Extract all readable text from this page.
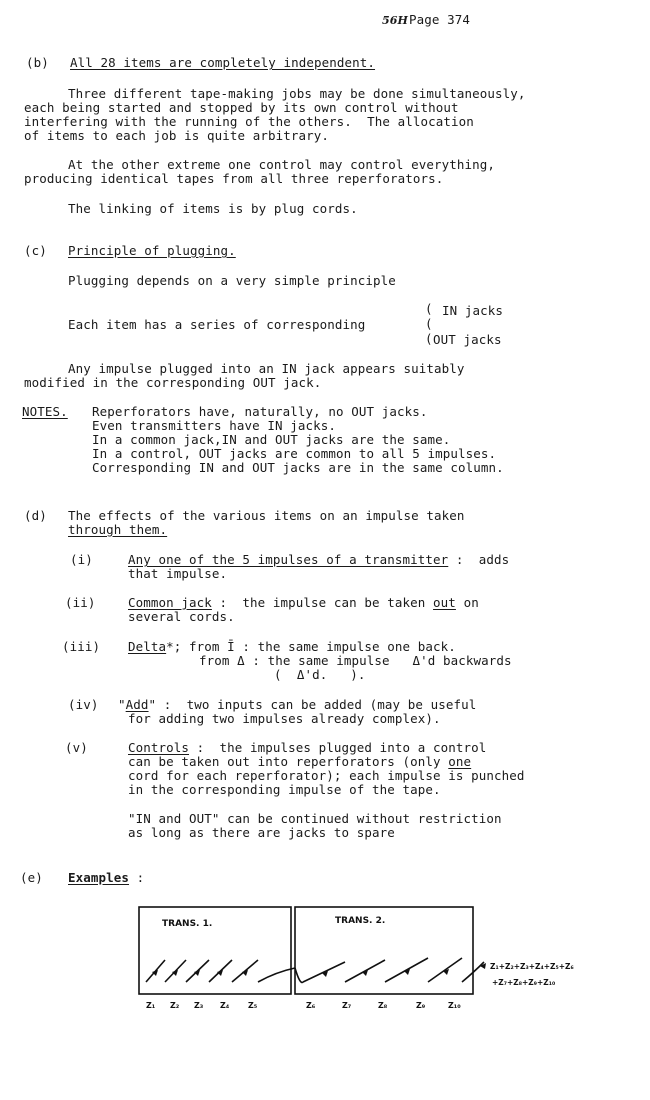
56H Page 374
(b) All 28 items are completely independent.
Three different tape-making jobs may be done simultaneously,
each being started and stopped by its own control without
interfering with the running of the others.  The allocation
of items to each job is quite arbitrary.
At the other extreme one control may control everything,
producing identical tapes from all three reperforators.
The linking of items is by plug cords.
(c) Principle of plugging.
Plugging depends on a very simple principle
Each item has a series of corresponding
(
(
(
IN jacks
OUT jacks
Any impulse plugged into an IN jack appears suitably
modified in the corresponding OUT jack.
NOTES. Reperforators have, naturally, no OUT jacks.
Even transmitters have IN jacks.
In a common jack,IN and OUT jacks are the same.
In a control, OUT jacks are common to all 5 impulses.
Corresponding IN and OUT jacks are in the same column.
(d) The effects of the various items on an impulse taken
through them.
(i)	Any one of the 5 impulses of a transmitter :  adds
that impulse.
(ii)	Common jack :  the impulse can be taken out on
several cords.
(iii) Delta*; from Ī : the same impulse one back.
from Δ : the same impulse   Δ'd backwards
(  Δ'd.   ).
(iv) "Add" :  two inputs can be added (may be useful
for adding two impulses already complex).
(v)	Controls :  the impulses plugged into a control
can be taken out into reperforators (only one
cord for each reperforator); each impulse is punched
in the corresponding impulse of the tape.
"IN and OUT" can be continued without restriction
as long as there are jacks to spare
(e) Examples :
TRANS. 1.	TRANS. 2.
Z₁ Z₂ Z₃ Z₄ Z₅	Z₆	Z₇	Z₈	Z₉	Z₁₀
Z₁+Z₂+Z₃+Z₄+Z₅+Z₆
+Z₇+Z₈+Z₉+Z₁₀
